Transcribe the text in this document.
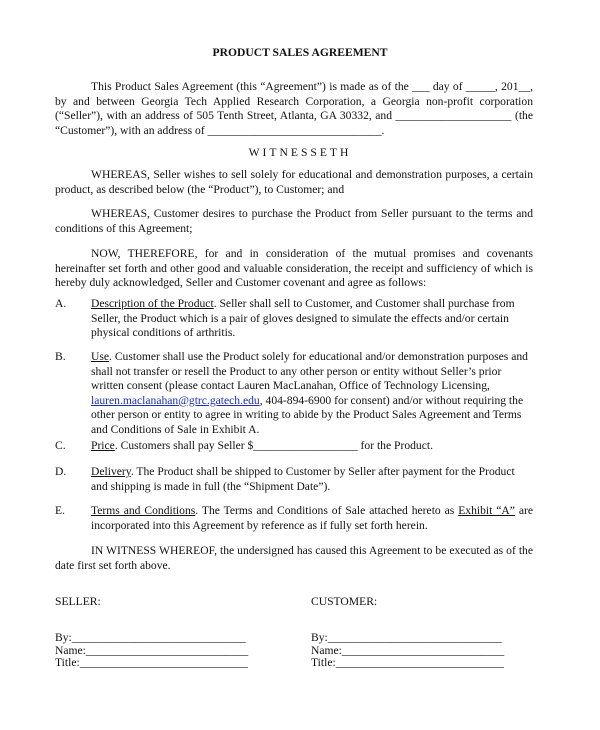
PRODUCT SALES AGREEMENT

This Product Sales Agreement (this “Agreement”) is made as of the ___ day of _____, 201__, by and between Georgia Tech Applied Research Corporation, a Georgia non-profit corporation (“Seller”), with an address of 505 Tenth Street, Atlanta, GA 30332, and ____________________ (the “Customer”), with an address of ______________________________.

WITNESSETH

WHEREAS, Seller wishes to sell solely for educational and demonstration purposes, a certain product, as described below (the “Product”), to Customer; and

WHEREAS, Customer desires to purchase the Product from Seller pursuant to the terms and conditions of this Agreement;

NOW, THEREFORE, for and in consideration of the mutual promises and covenants hereinafter set forth and other good and valuable consideration, the receipt and sufficiency of which is hereby duly acknowledged, Seller and Customer covenant and agree as follows:

A. Description of the Product. Seller shall sell to Customer, and Customer shall purchase from Seller, the Product which is a pair of gloves designed to simulate the effects and/or certain physical conditions of arthritis.
B. Use. Customer shall use the Product solely for educational and/or demonstration purposes and shall not transfer or resell the Product to any other person or entity without Seller’s prior written consent (please contact Lauren MacLanahan, Office of Technology Licensing, lauren.maclanahan@gtrc.gatech.edu, 404-894-6900 for consent) and/or without requiring the other person or entity to agree in writing to abide by the Product Sales Agreement and Terms and Conditions of Sale in Exhibit A.
C. Price. Customers shall pay Seller $__________________ for the Product.
D. Delivery. The Product shall be shipped to Customer by Seller after payment for the Product and shipping is made in full (the “Shipment Date”).
E. Terms and Conditions. The Terms and Conditions of Sale attached hereto as Exhibit “A” are incorporated into this Agreement by reference as if fully set forth herein.

IN WITNESS WHEREOF, the undersigned has caused this Agreement to be executed as of the date first set forth above.

SELLER:
By:______________________________
Name:____________________________
Title:_____________________________
CUSTOMER:
By:______________________________
Name:____________________________
Title:_____________________________
